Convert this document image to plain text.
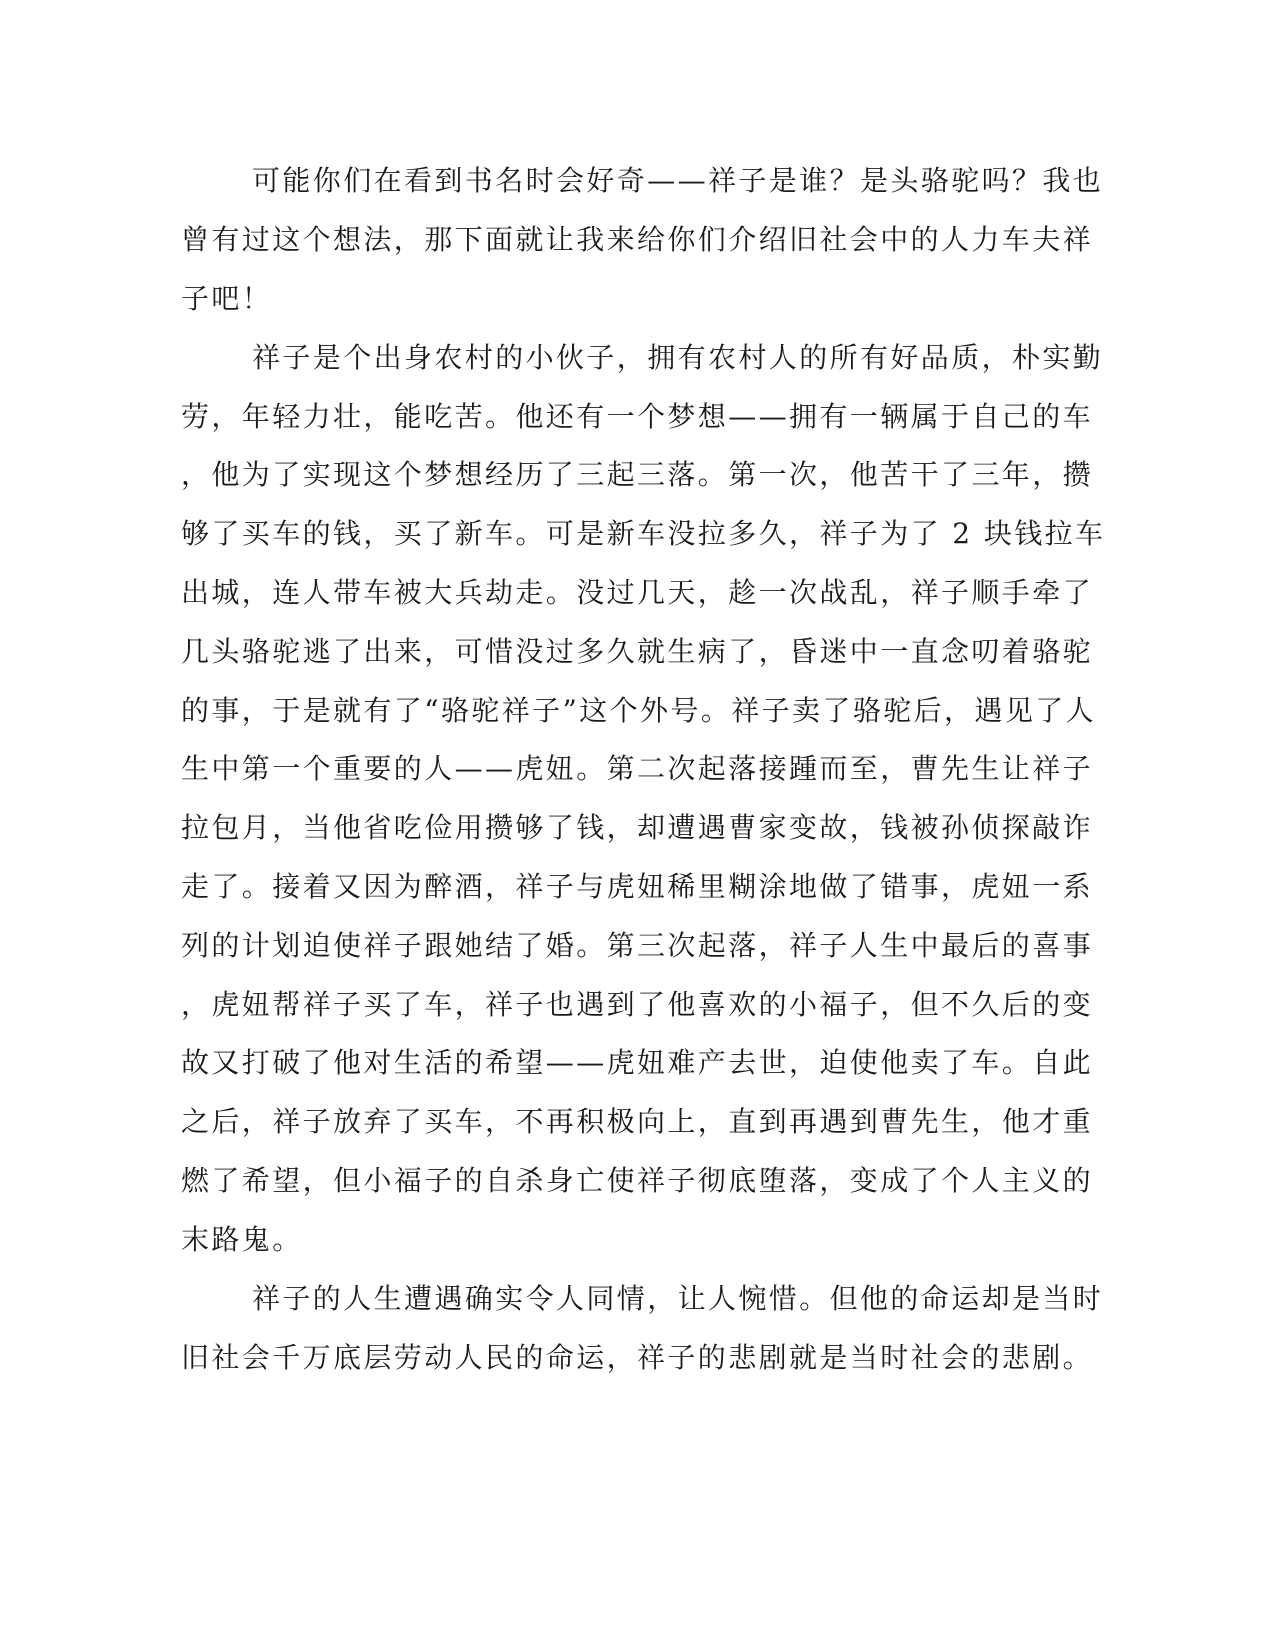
可能你们在看到书名时会好奇——祥子是谁？是头骆驼吗？我也
曾有过这个想法，那下面就让我来给你们介绍旧社会中的人力车夫祥
子吧！
祥子是个出身农村的小伙子，拥有农村人的所有好品质，朴实勤
劳，年轻力壮，能吃苦。他还有一个梦想——拥有一辆属于自己的车
，他为了实现这个梦想经历了三起三落。第一次，他苦干了三年，攒
够了买车的钱，买了新车。可是新车没拉多久，祥子为了 2 块钱拉车
出城，连人带车被大兵劫走。没过几天，趁一次战乱，祥子顺手牵了
几头骆驼逃了出来，可惜没过多久就生病了，昏迷中一直念叨着骆驼
的事，于是就有了“骆驼祥子”这个外号。祥子卖了骆驼后，遇见了人
生中第一个重要的人——虎妞。第二次起落接踵而至，曹先生让祥子
拉包月，当他省吃俭用攒够了钱，却遭遇曹家变故，钱被孙侦探敲诈
走了。接着又因为醉酒，祥子与虎妞稀里糊涂地做了错事，虎妞一系
列的计划迫使祥子跟她结了婚。第三次起落，祥子人生中最后的喜事
，虎妞帮祥子买了车，祥子也遇到了他喜欢的小福子，但不久后的变
故又打破了他对生活的希望——虎妞难产去世，迫使他卖了车。自此
之后，祥子放弃了买车，不再积极向上，直到再遇到曹先生，他才重
燃了希望，但小福子的自杀身亡使祥子彻底堕落，变成了个人主义的
末路鬼。
祥子的人生遭遇确实令人同情，让人惋惜。但他的命运却是当时
旧社会千万底层劳动人民的命运，祥子的悲剧就是当时社会的悲剧。
